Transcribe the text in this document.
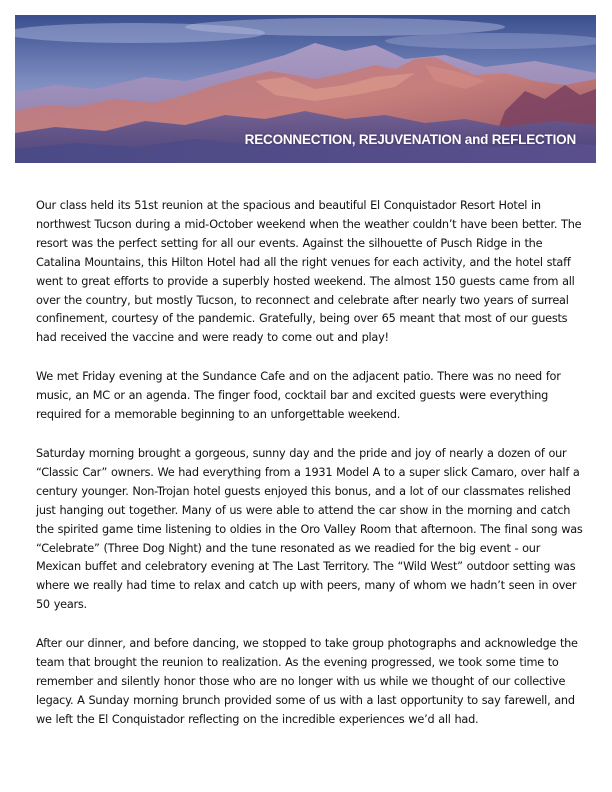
RECONNECTION, REJUVENATION and REFLECTION

Our class held its 51st reunion at the spacious and beautiful El Conquistador Resort Hotel in northwest Tucson during a mid-October weekend when the weather couldn’t have been better. The resort was the perfect setting for all our events. Against the silhouette of Pusch Ridge in the Catalina Mountains, this Hilton Hotel had all the right venues for each activity, and the hotel staff went to great efforts to provide a superbly hosted weekend. The almost 150 guests came from all over the country, but mostly Tucson, to reconnect and celebrate after nearly two years of surreal confinement, courtesy of the pandemic. Gratefully, being over 65 meant that most of our guests had received the vaccine and were ready to come out and play!

We met Friday evening at the Sundance Cafe and on the adjacent patio. There was no need for music, an MC or an agenda. The finger food, cocktail bar and excited guests were everything required for a memorable beginning to an unforgettable weekend.

Saturday morning brought a gorgeous, sunny day and the pride and joy of nearly a dozen of our “Classic Car” owners. We had everything from a 1931 Model A to a super slick Camaro, over half a century younger. Non-Trojan hotel guests enjoyed this bonus, and a lot of our classmates relished just hanging out together. Many of us were able to attend the car show in the morning and catch the spirited game time listening to oldies in the Oro Valley Room that afternoon. The final song was “Celebrate” (Three Dog Night) and the tune resonated as we readied for the big event - our Mexican buffet and celebratory evening at The Last Territory. The “Wild West” outdoor setting was where we really had time to relax and catch up with peers, many of whom we hadn’t seen in over 50 years.

After our dinner, and before dancing, we stopped to take group photographs and acknowledge the team that brought the reunion to realization. As the evening progressed, we took some time to remember and silently honor those who are no longer with us while we thought of our collective legacy. A Sunday morning brunch provided some of us with a last opportunity to say farewell, and we left the El Conquistador reflecting on the incredible experiences we’d all had.
